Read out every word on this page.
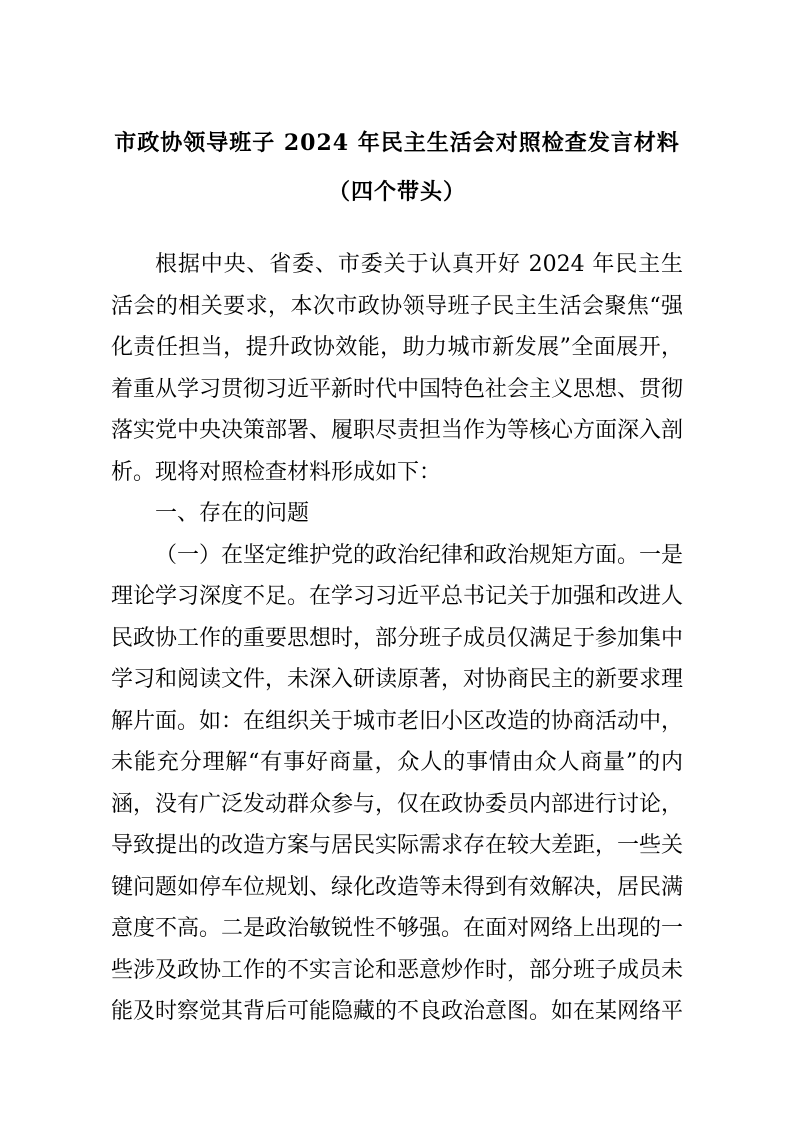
市政协领导班子 2024 年民主生活会对照检查发言材料（四个带头）

根据中央、省委、市委关于认真开好 2024 年民主生活会的相关要求，本次市政协领导班子民主生活会聚焦“强化责任担当，提升政协效能，助力城市新发展”全面展开，着重从学习贯彻习近平新时代中国特色社会主义思想、贯彻落实党中央决策部署、履职尽责担当作为等核心方面深入剖析。现将对照检查材料形成如下：

一、存在的问题

（一）在坚定维护党的政治纪律和政治规矩方面。一是理论学习深度不足。在学习习近平总书记关于加强和改进人民政协工作的重要思想时，部分班子成员仅满足于参加集中学习和阅读文件，未深入研读原著，对协商民主的新要求理解片面。如：在组织关于城市老旧小区改造的协商活动中，未能充分理解“有事好商量，众人的事情由众人商量”的内涵，没有广泛发动群众参与，仅在政协委员内部进行讨论，导致提出的改造方案与居民实际需求存在较大差距，一些关键问题如停车位规划、绿化改造等未得到有效解决，居民满意度不高。二是政治敏锐性不够强。在面对网络上出现的一些涉及政协工作的不实言论和恶意炒作时，部分班子成员未能及时察觉其背后可能隐藏的不良政治意图。如在某网络平
